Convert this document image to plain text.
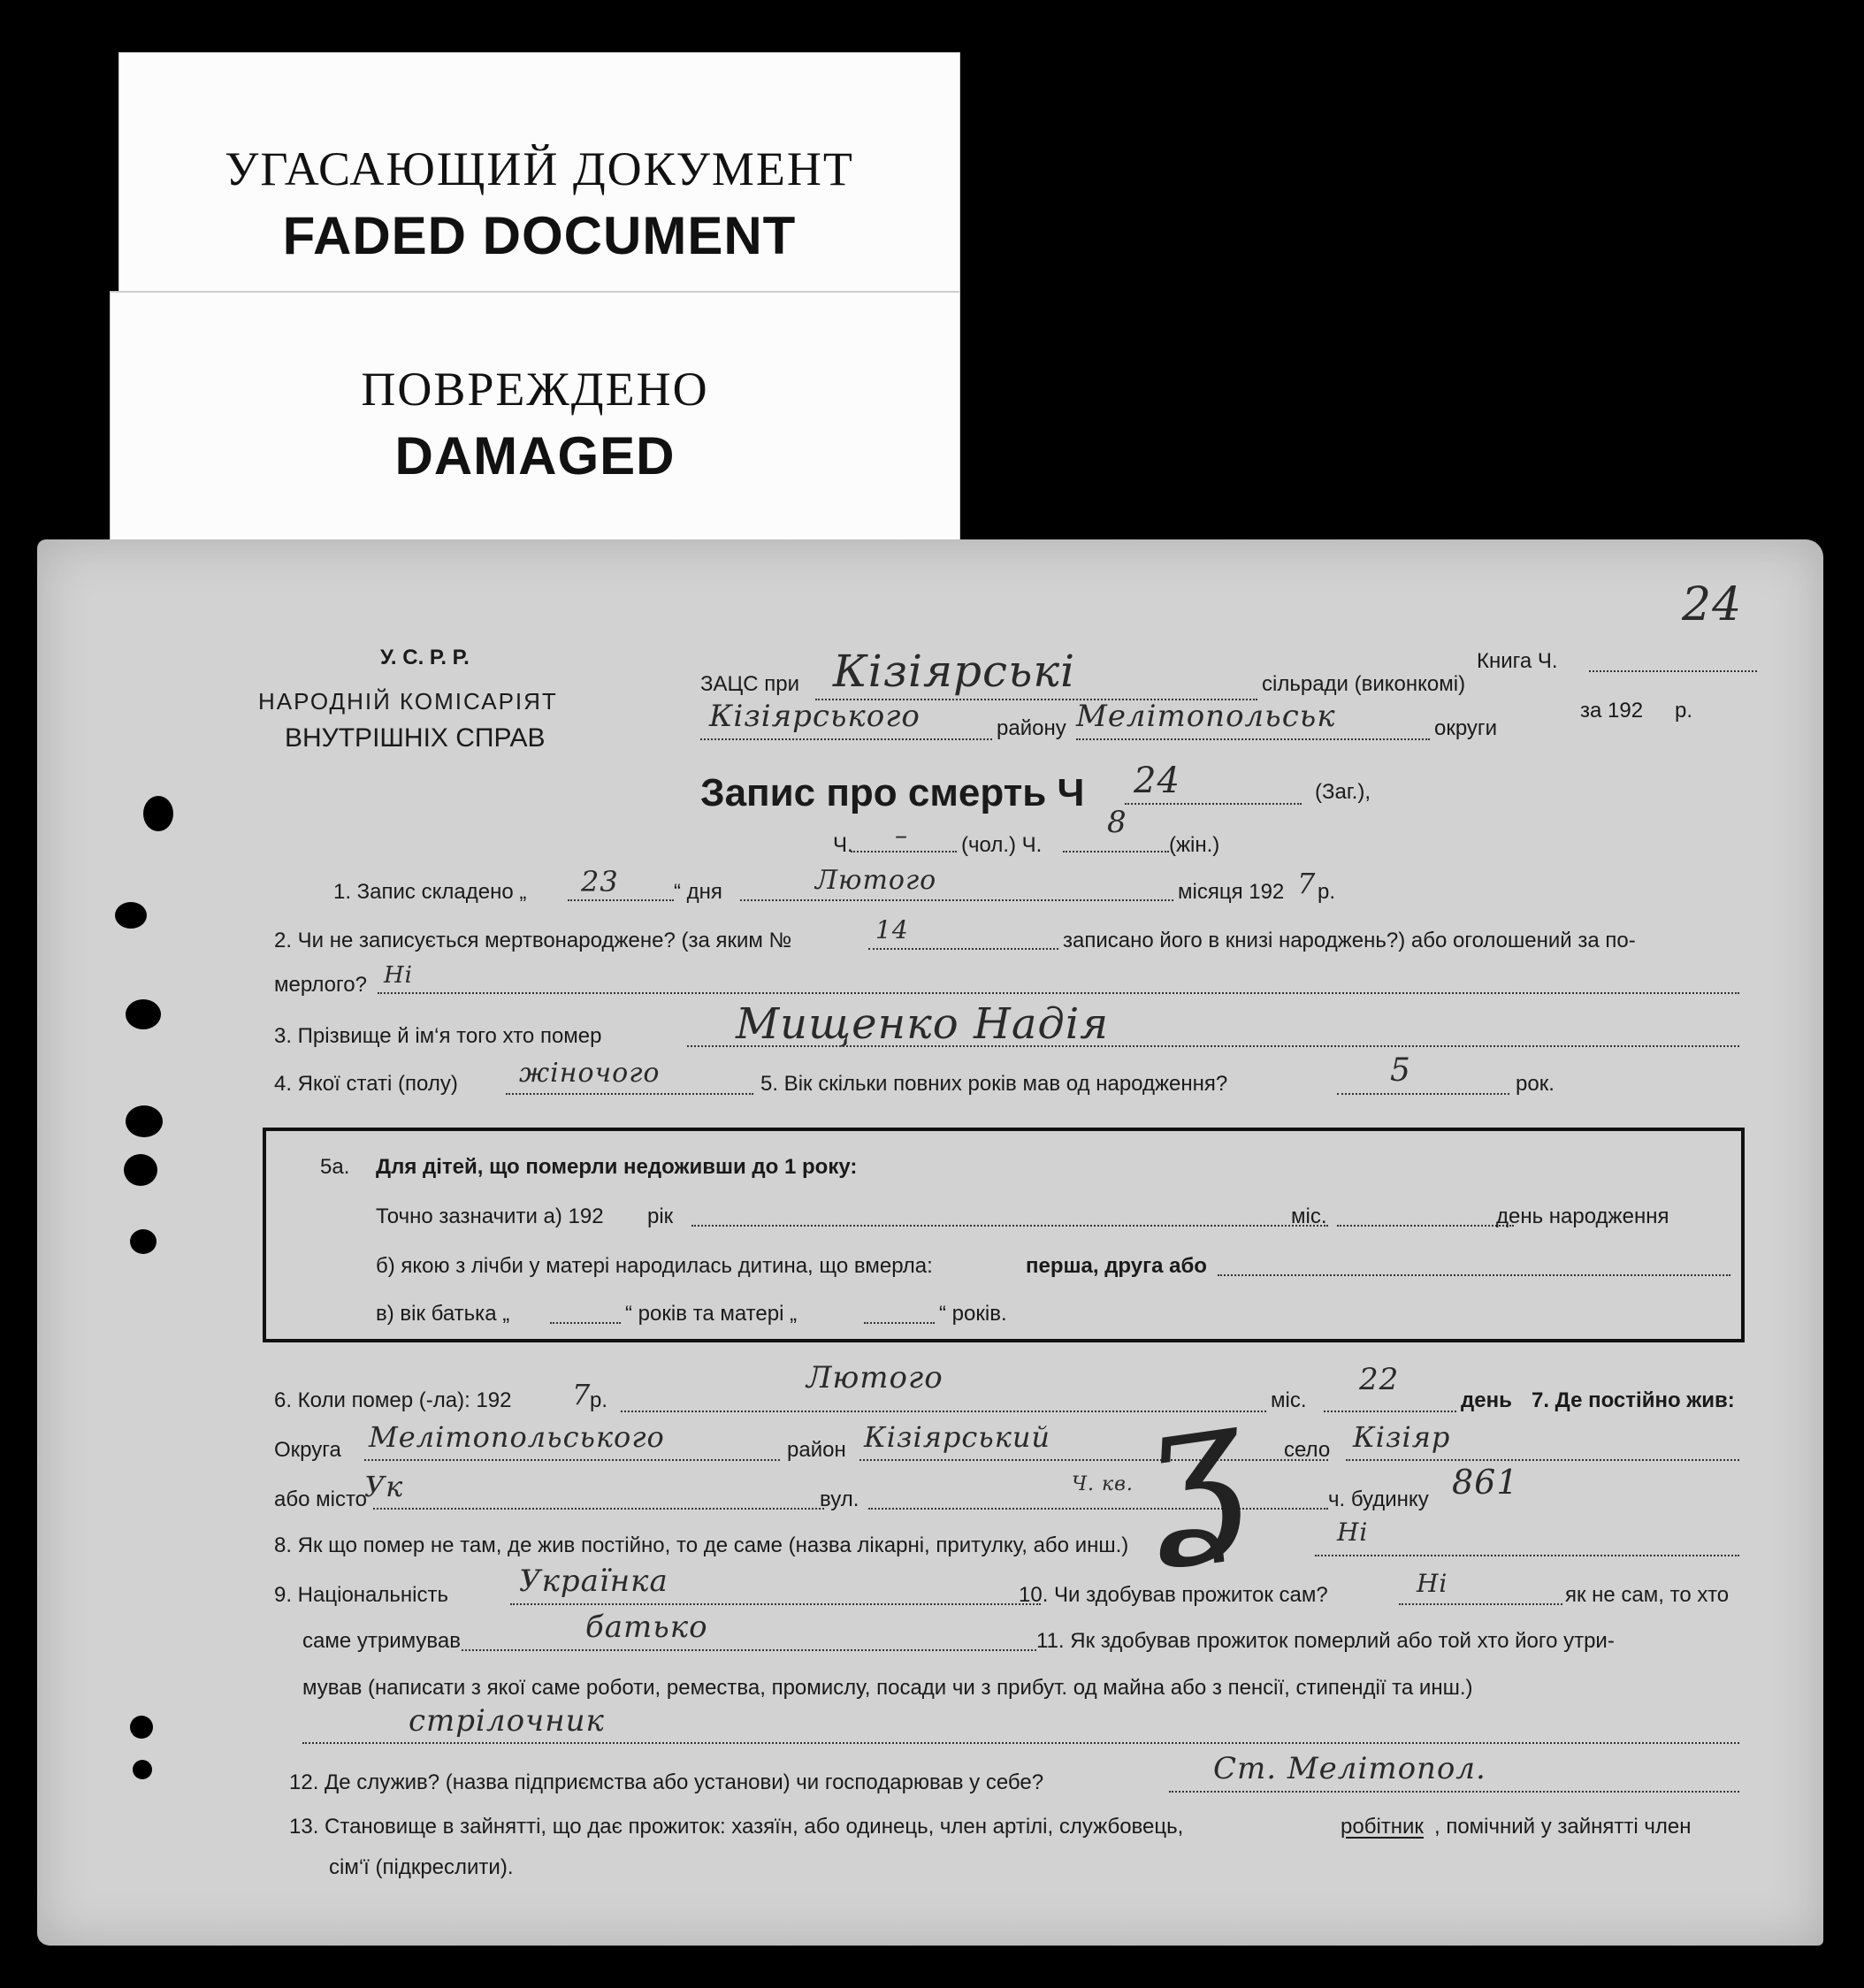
УГАСАЮЩИЙ ДОКУМЕНТ
FADED DOCUMENT
ПОВРЕЖДЕНО
DAMAGED
24
У. С. Р. Р.
НАРОДНІЙ КОМІСАРІЯТ
ВНУТРІШНІХ СПРАВ
ЗАЦС при Кізіярські	сільради (виконкомі)
Книга Ч.
Кізіярського	району Мелітопольськ	округи
за 192 р.
Запис про смерть Ч 24	(Заг.),
Ч. –	(чол.) Ч.
8
(жін.)
1. Запис складено „ 23	“ дня	Лютого	місяця 192 7 р.
2. Чи не записується мертвонароджене? (за яким №	14	записано його в книзі народжень?) або оголошений за по-
мерлого? Ні
3. Прізвище й ім‘я того хто помер	Мищенко Надія
4. Якої статі (полу) жіночого	5. Вік скільки повних років мав од народження?	5	рок.
5а. Для дітей, що померли недоживши до 1 року:
Точно зазначити а) 192 рік	міс.	день народження
б) якою з лічби у матері народилась дитина, що вмерла:	перша, друга або
в) вік батька „	“ років та матері „	“ років.
6. Коли помер (-ла): 192 7
р.
Лютого
міс.
22
день 7. Де постійно жив:
Округа Мелітопольського	район Кізіярський	село Кізіяр
або місто
Ук	вул.
Ч. кв.
ч. будинку 861
ʓ
8. Як що помер не там, де жив постійно, то де саме (назва лікарні, притулку, або инш.)	Ні
9. Національність Українка	10. Чи здобував прожиток сам?	Ні	як не сам, то хто
саме утримував	батько	11. Як здобував прожиток померлий або той хто його утри-
мував (написати з якої саме роботи, ремества, промислу, посади чи з прибут. од майна або з пенсії, стипендії та инш.)
стрілочник
12. Де служив? (назва підприємства або установи) чи господарював у себе?	Ст. Мелітопол.
13. Становище в зайнятті, що дає прожиток: хазяїн, або одинець, член артілі, службовець,	робітник , помічний у зайнятті член
сім‘ї (підкреслити).
